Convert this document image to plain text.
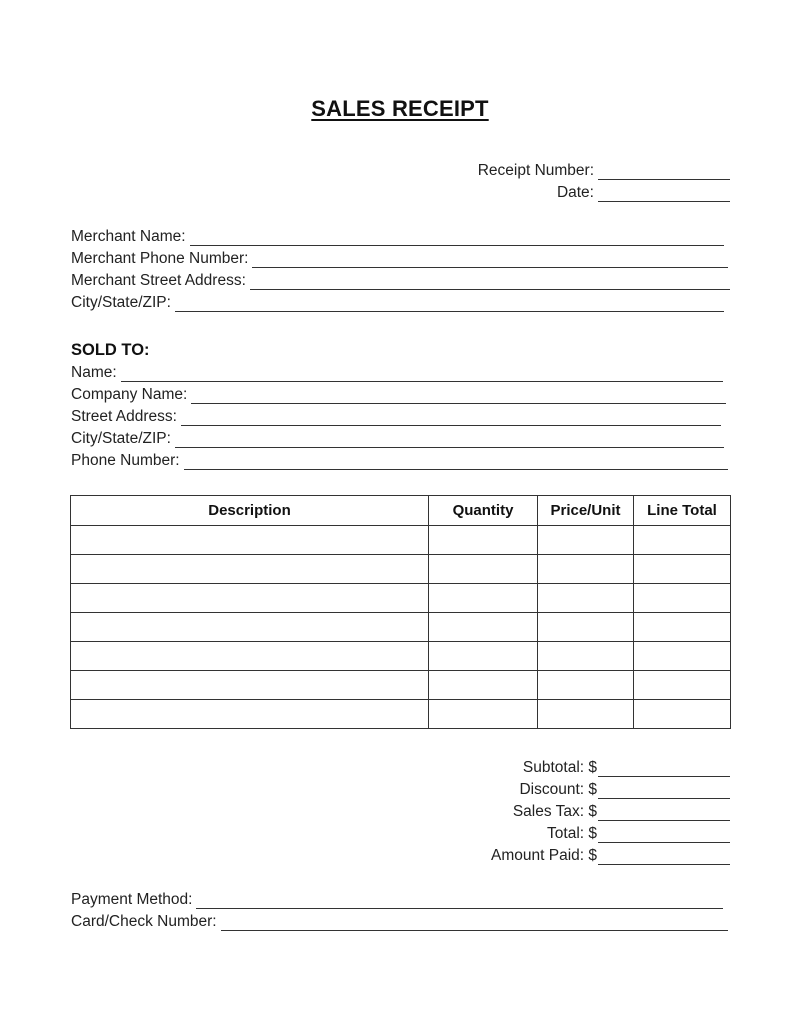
SALES RECEIPT
Receipt Number:
Date:
Merchant Name:
Merchant Phone Number:
Merchant Street Address:
City/State/ZIP:
SOLD TO:
Name:
Company Name:
Street Address:
City/State/ZIP:
Phone Number:
Description	Quantity	Price/Unit	Line Total

Subtotal: $
Discount: $
Sales Tax: $
Total: $
Amount Paid: $
Payment Method:
Card/Check Number:
